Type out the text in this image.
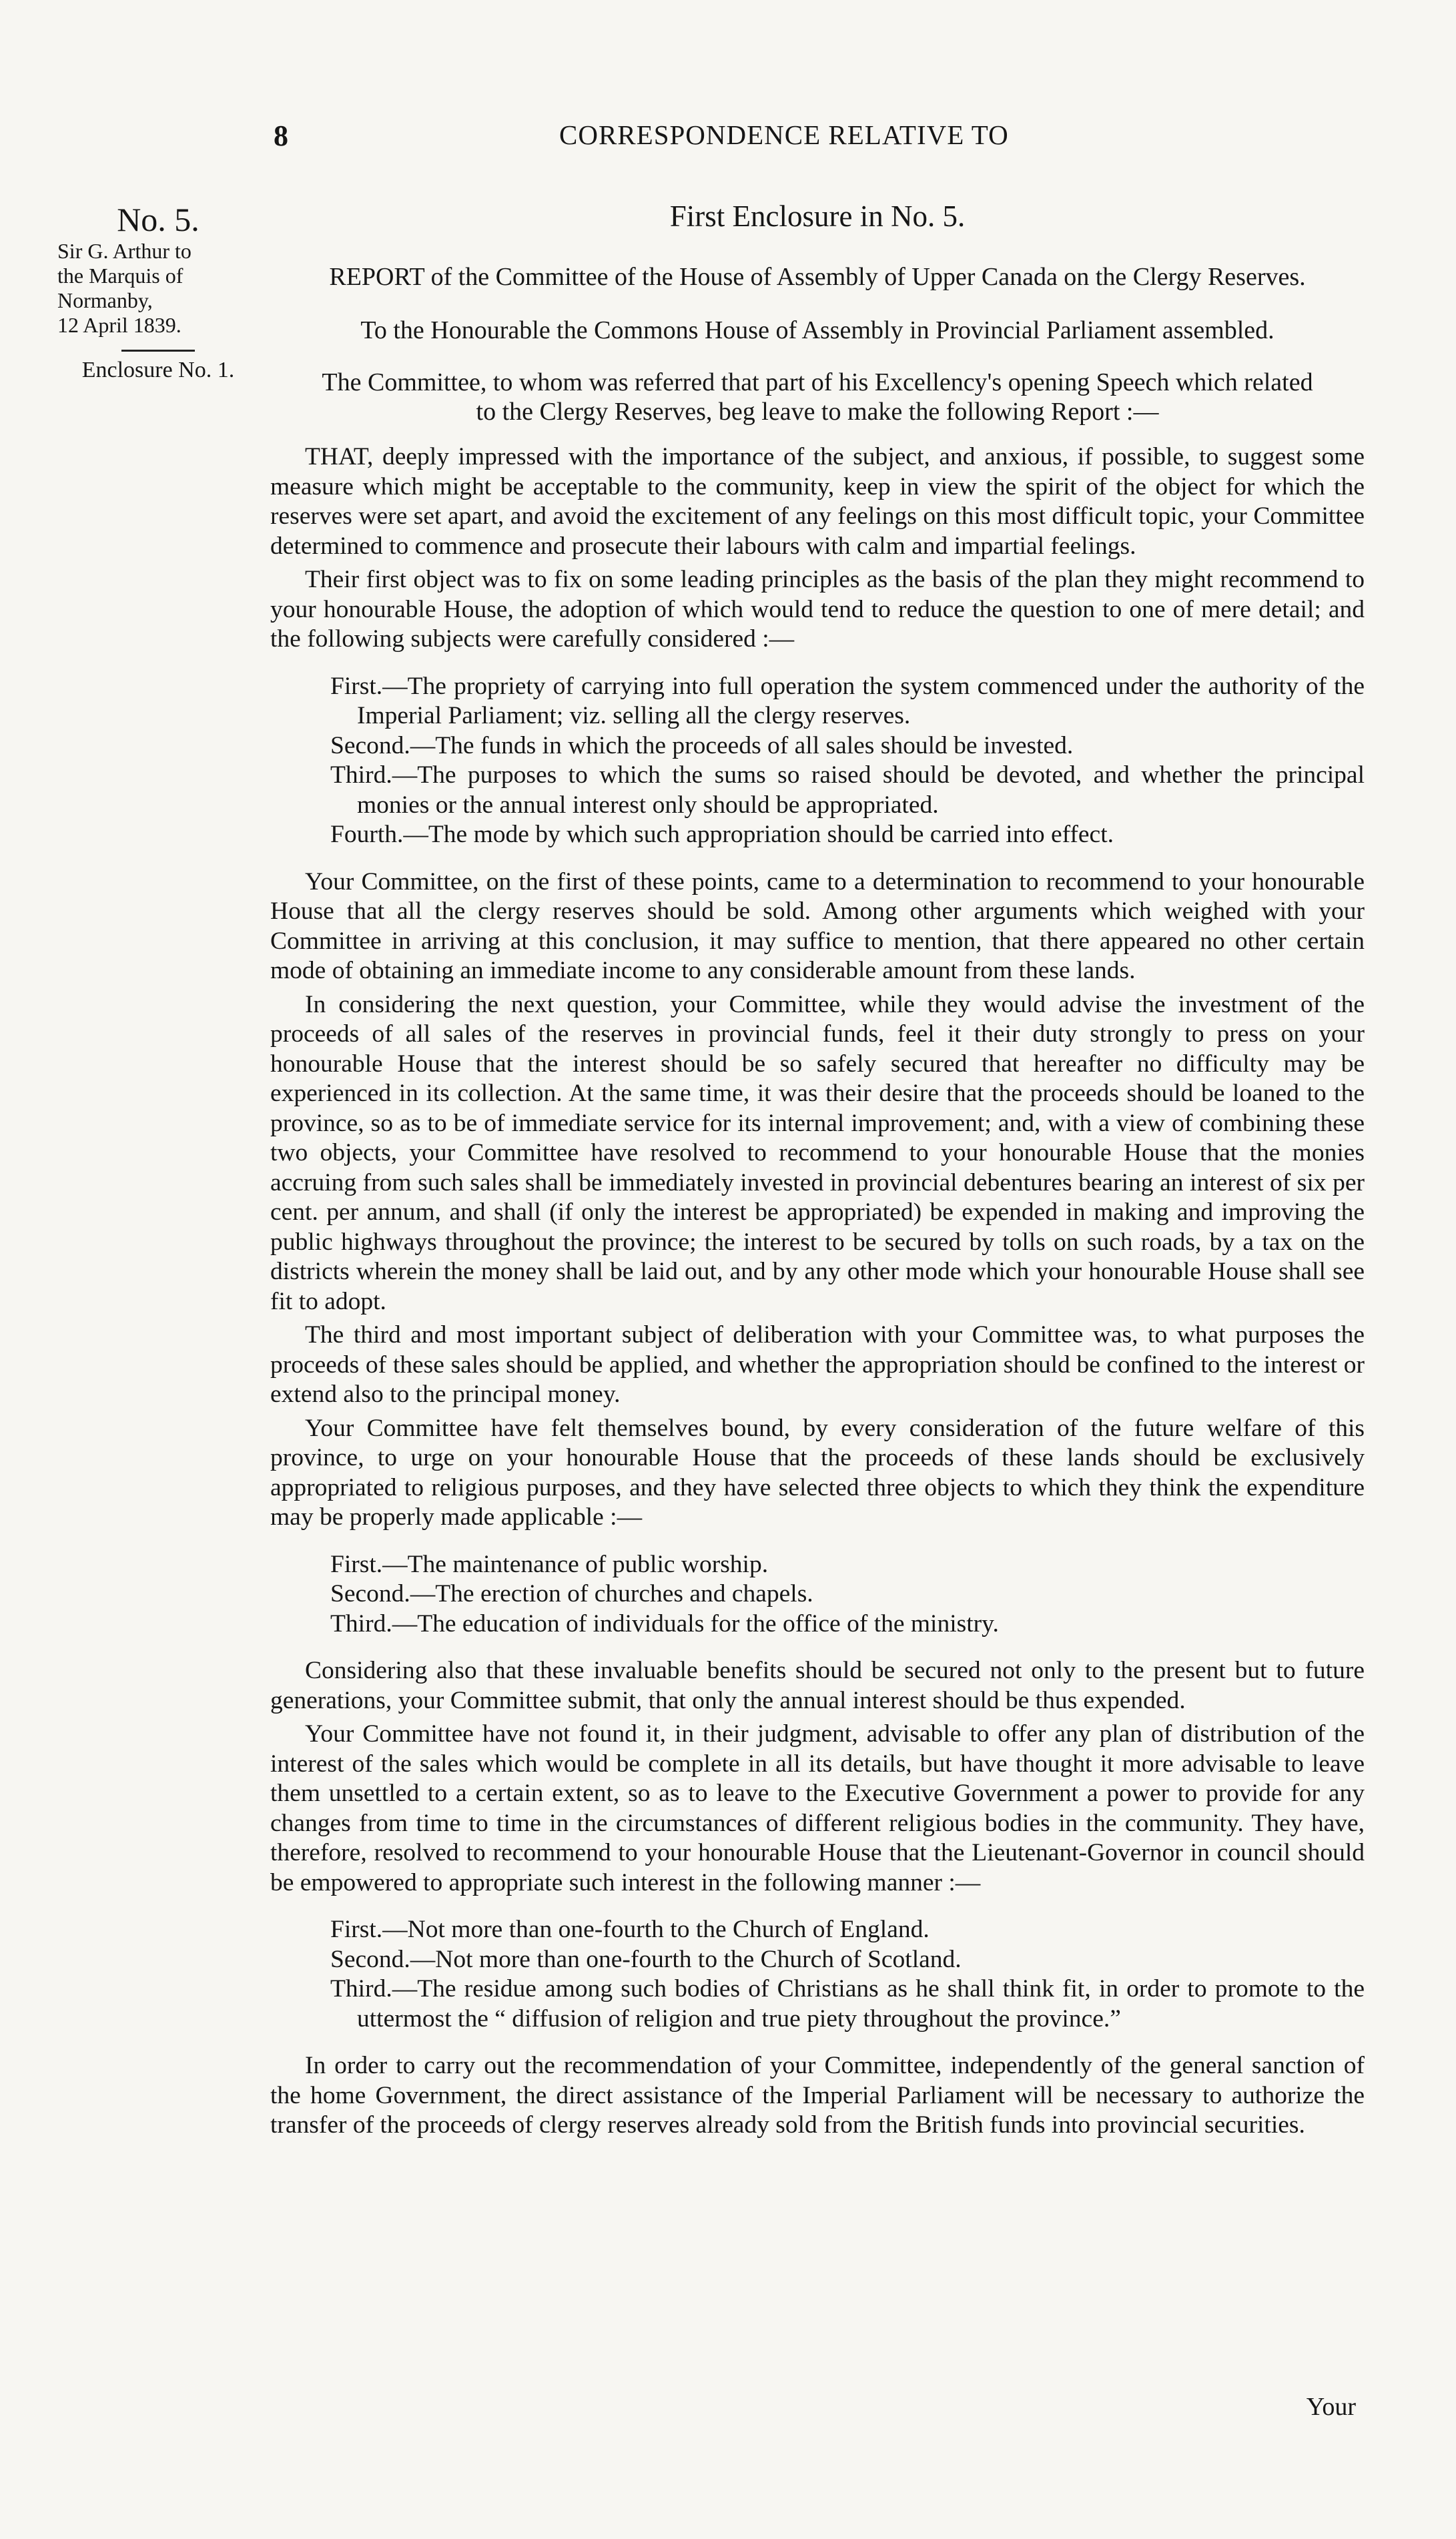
8	CORRESPONDENCE RELATIVE TO
No. 5.
Sir G. Arthur to
the Marquis of
Normanby,
12 April 1839.
Enclosure No. 1.
First Enclosure in No. 5.
REPORT of the Committee of the House of Assembly of Upper Canada on the Clergy Reserves.
To the Honourable the Commons House of Assembly in Provincial Parliament assembled.
The Committee, to whom was referred that part of his Excellency's opening Speech which related to the Clergy Reserves, beg leave to make the following Report :—

THAT, deeply impressed with the importance of the subject, and anxious, if possible, to suggest some measure which might be acceptable to the community, keep in view the spirit of the object for which the reserves were set apart, and avoid the excitement of any feelings on this most difficult topic, your Committee determined to commence and prosecute their labours with calm and impartial feelings.

Their first object was to fix on some leading principles as the basis of the plan they might recommend to your honourable House, the adoption of which would tend to reduce the question to one of mere detail; and the following subjects were carefully considered :—

First.—The propriety of carrying into full operation the system commenced under the authority of the Imperial Parliament; viz. selling all the clergy reserves.
Second.—The funds in which the proceeds of all sales should be invested.
Third.—The purposes to which the sums so raised should be devoted, and whether the principal monies or the annual interest only should be appropriated.
Fourth.—The mode by which such appropriation should be carried into effect.

Your Committee, on the first of these points, came to a determination to recommend to your honourable House that all the clergy reserves should be sold. Among other arguments which weighed with your Committee in arriving at this conclusion, it may suffice to mention, that there appeared no other certain mode of obtaining an immediate income to any considerable amount from these lands.

In considering the next question, your Committee, while they would advise the investment of the proceeds of all sales of the reserves in provincial funds, feel it their duty strongly to press on your honourable House that the interest should be so safely secured that hereafter no difficulty may be experienced in its collection. At the same time, it was their desire that the proceeds should be loaned to the province, so as to be of immediate service for its internal improvement; and, with a view of combining these two objects, your Committee have resolved to recommend to your honourable House that the monies accruing from such sales shall be immediately invested in provincial debentures bearing an interest of six per cent. per annum, and shall (if only the interest be appropriated) be expended in making and improving the public highways throughout the province; the interest to be secured by tolls on such roads, by a tax on the districts wherein the money shall be laid out, and by any other mode which your honourable House shall see fit to adopt.

The third and most important subject of deliberation with your Committee was, to what purposes the proceeds of these sales should be applied, and whether the appropriation should be confined to the interest or extend also to the principal money.

Your Committee have felt themselves bound, by every consideration of the future welfare of this province, to urge on your honourable House that the proceeds of these lands should be exclusively appropriated to religious purposes, and they have selected three objects to which they think the expenditure may be properly made applicable :—

First.—The maintenance of public worship.
Second.—The erection of churches and chapels.
Third.—The education of individuals for the office of the ministry.

Considering also that these invaluable benefits should be secured not only to the present but to future generations, your Committee submit, that only the annual interest should be thus expended.

Your Committee have not found it, in their judgment, advisable to offer any plan of distribution of the interest of the sales which would be complete in all its details, but have thought it more advisable to leave them unsettled to a certain extent, so as to leave to the Executive Government a power to provide for any changes from time to time in the circumstances of different religious bodies in the community. They have, therefore, resolved to recommend to your honourable House that the Lieutenant-Governor in council should be empowered to appropriate such interest in the following manner :—

First.—Not more than one-fourth to the Church of England.
Second.—Not more than one-fourth to the Church of Scotland.
Third.—The residue among such bodies of Christians as he shall think fit, in order to promote to the uttermost the “ diffusion of religion and true piety throughout the province.”

In order to carry out the recommendation of your Committee, independently of the general sanction of the home Government, the direct assistance of the Imperial Parliament will be necessary to authorize the transfer of the proceeds of clergy reserves already sold from the British funds into provincial securities.

Your
